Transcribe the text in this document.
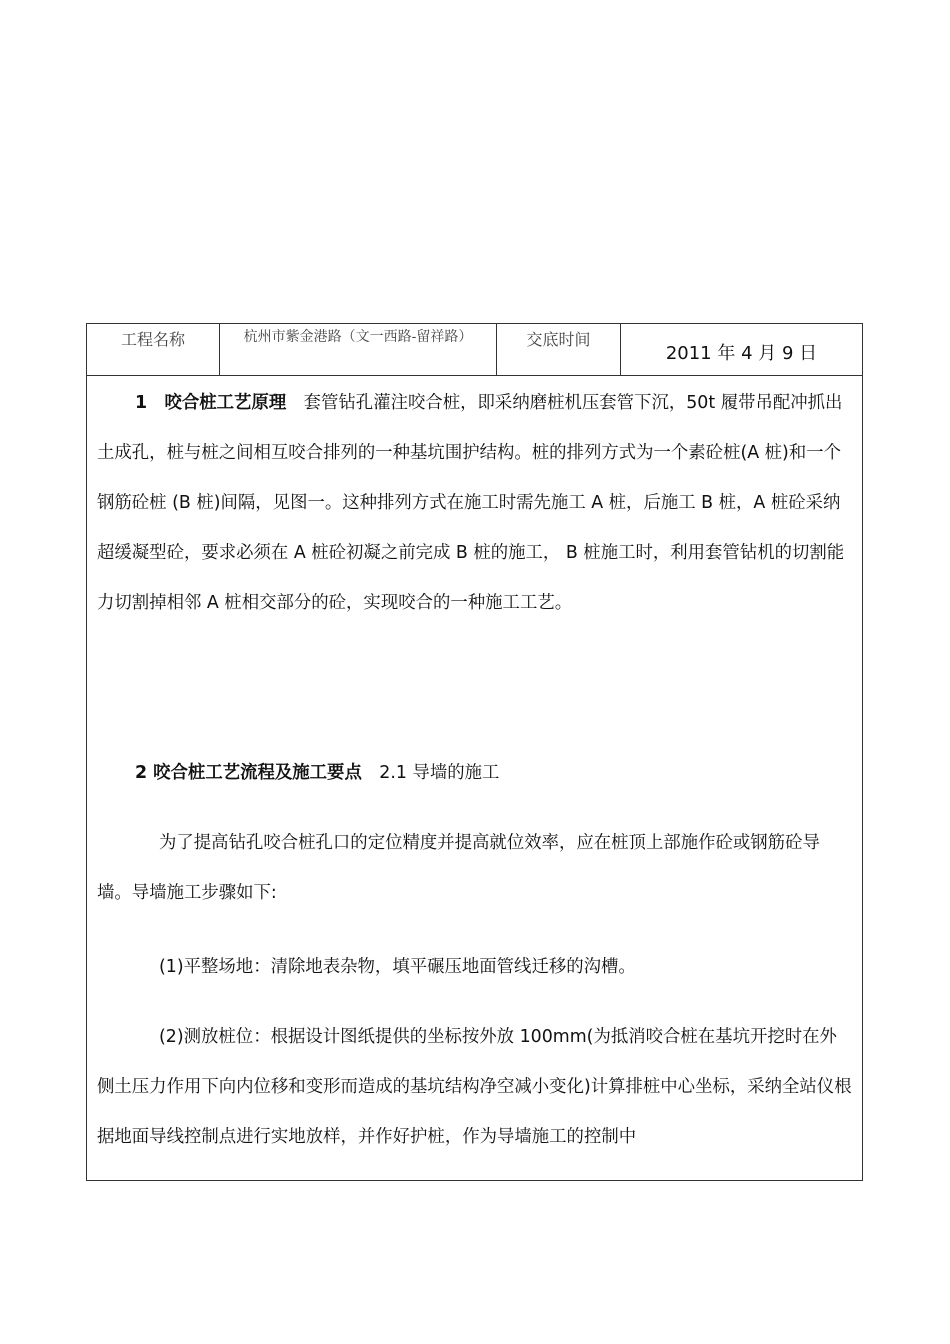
工程名称	杭州市紫金港路（文一西路-留祥路）	交底时间
2011 年 4 月 9 日

1　咬合桩工艺原理　套管钻孔灌注咬合桩，即采纳磨桩机压套管下沉，50t 履带吊配冲抓出土成孔，桩与桩之间相互咬合排列的一种基坑围护结构。桩的排列方式为一个素砼桩(A 桩)和一个钢筋砼桩 (B 桩)间隔，见图一。这种排列方式在施工时需先施工 A 桩，后施工 B 桩，A 桩砼采纳超缓凝型砼，要求必须在 A 桩砼初凝之前完成 B 桩的施工， B 桩施工时，利用套管钻机的切割能力切割掉相邻 A 桩相交部分的砼，实现咬合的一种施工工艺。

2 咬合桩工艺流程及施工要点　 2.1 导墙的施工

为了提高钻孔咬合桩孔口的定位精度并提高就位效率，应在桩顶上部施作砼或钢筋砼导墙。导墙施工步骤如下:

(1)平整场地：清除地表杂物，填平碾压地面管线迁移的沟槽。

(2)测放桩位：根据设计图纸提供的坐标按外放 100mm(为抵消咬合桩在基坑开挖时在外侧土压力作用下向内位移和变形而造成的基坑结构净空减小变化)计算排桩中心坐标，采纳全站仪根据地面导线控制点进行实地放样，并作好护桩，作为导墙施工的控制中
